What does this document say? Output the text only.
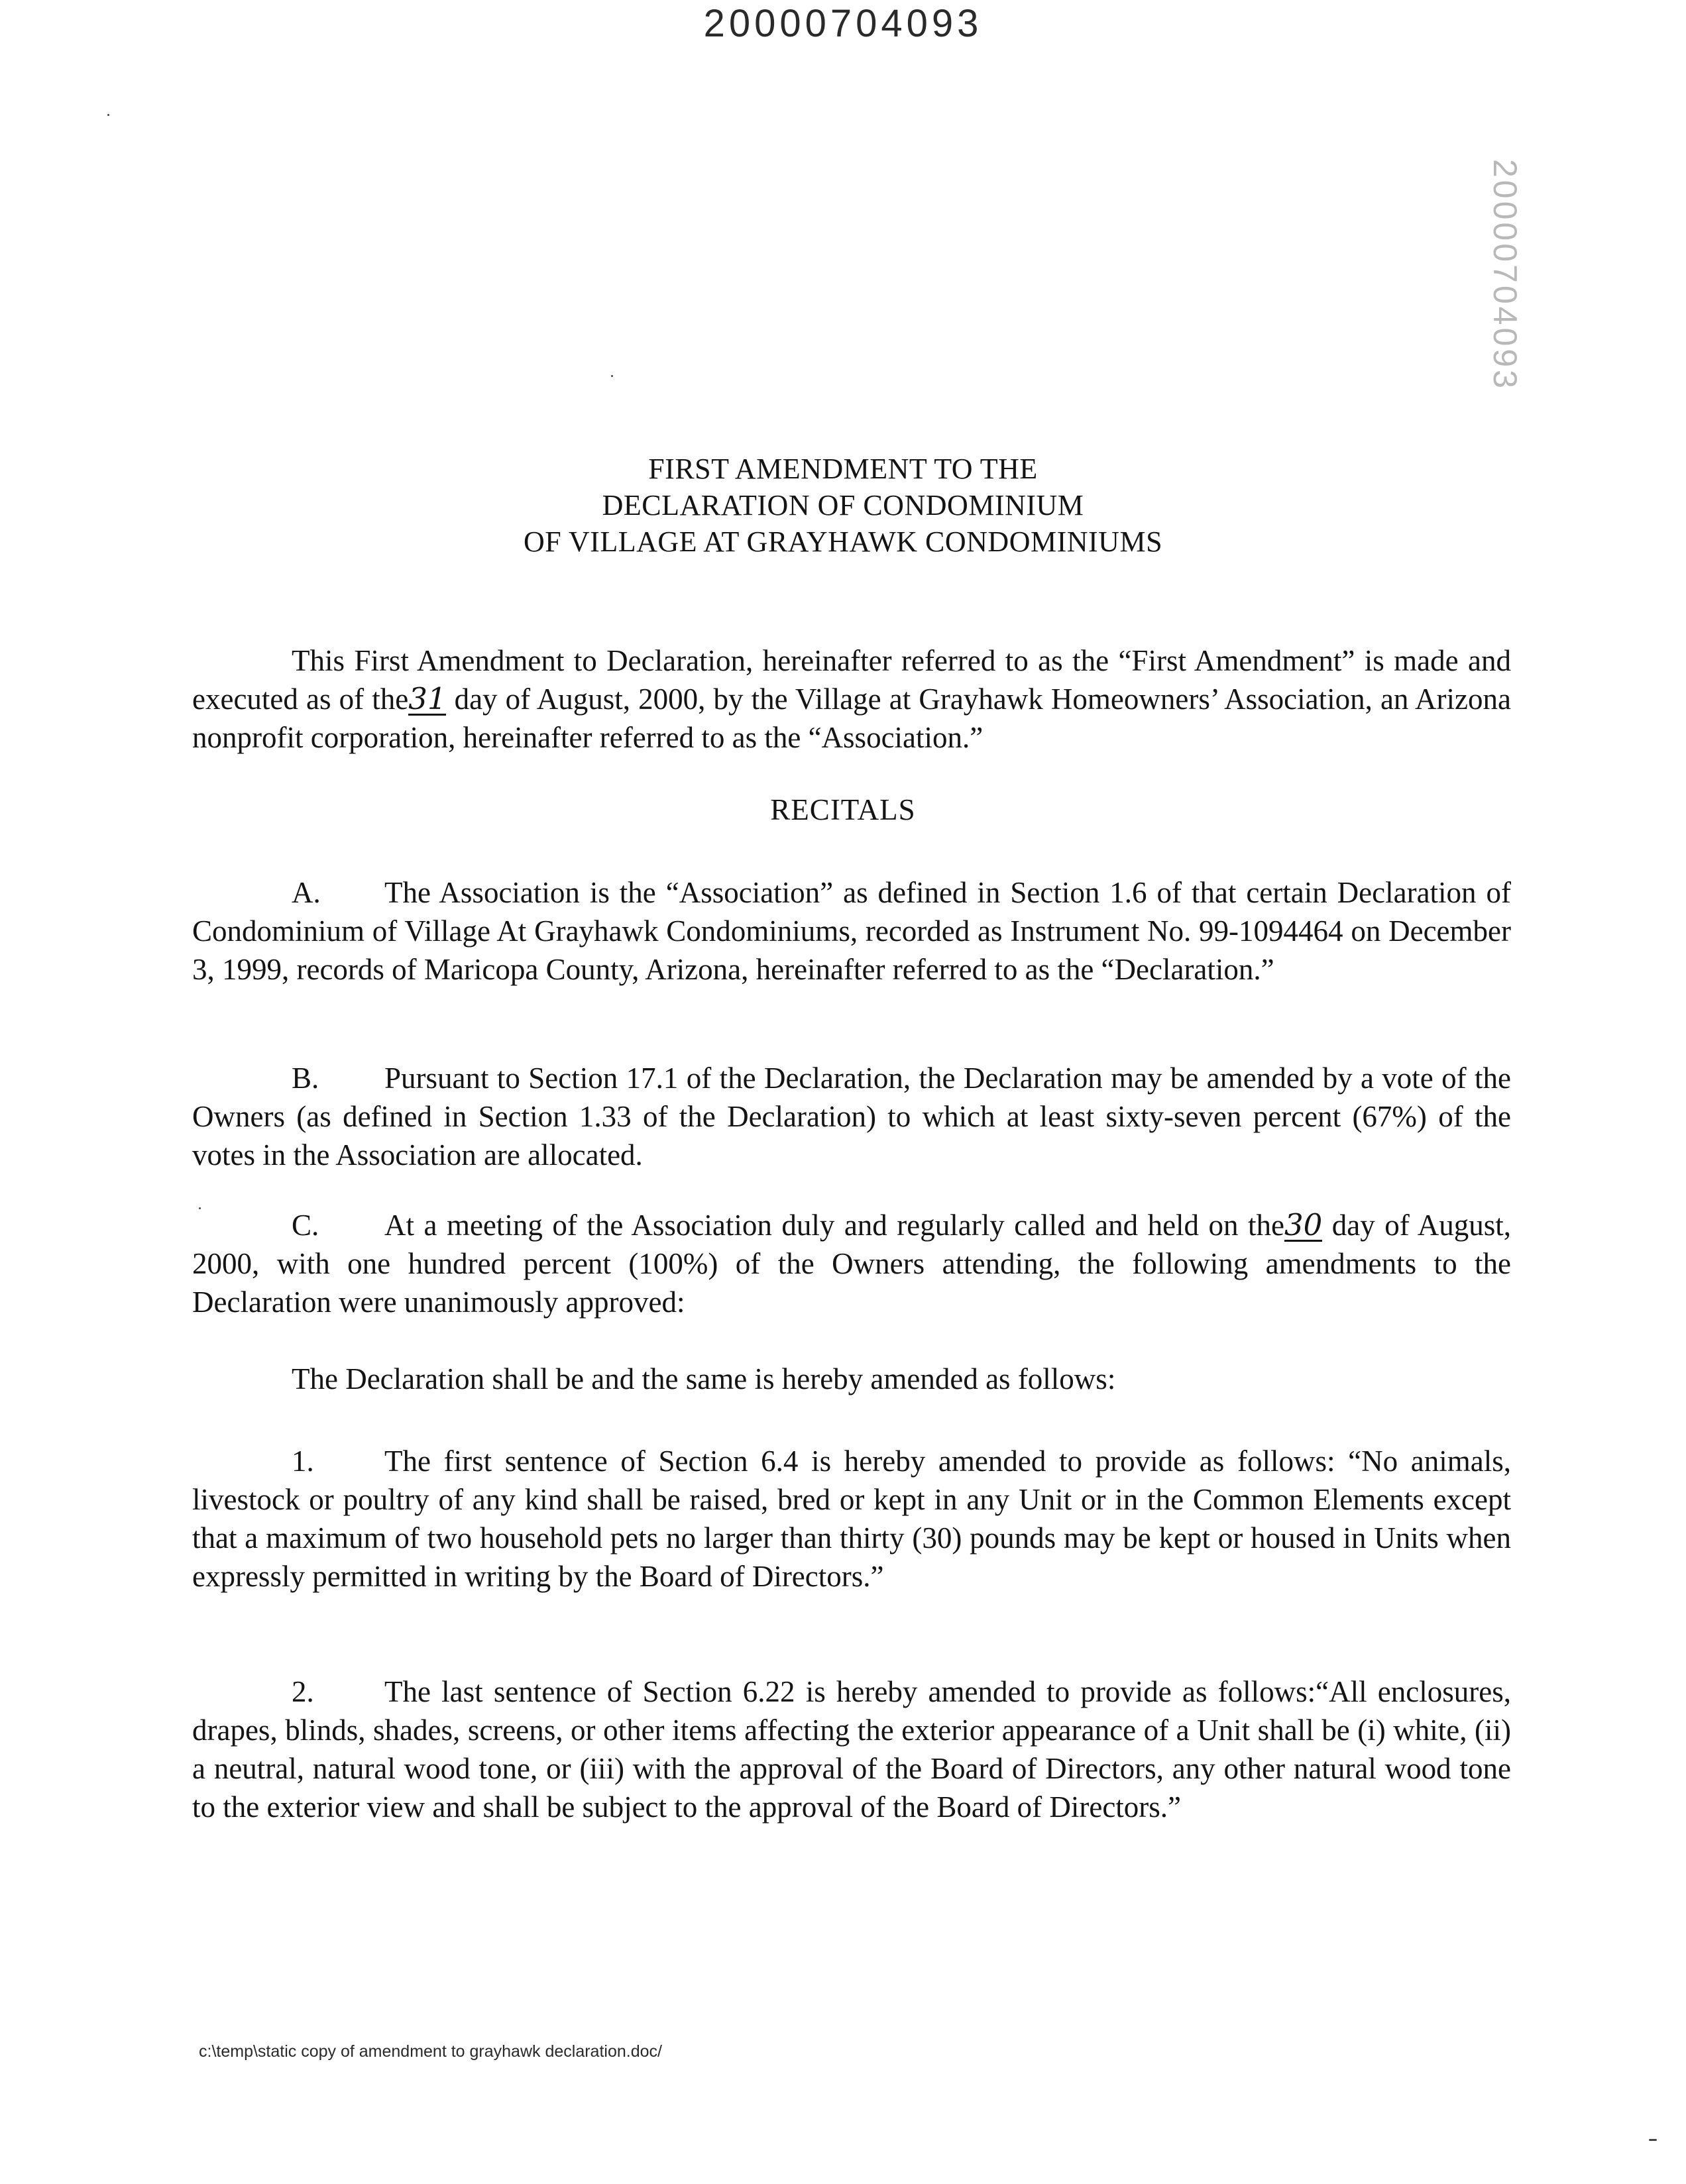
20000704093
20000704093
FIRST AMENDMENT TO THE
DECLARATION OF CONDOMINIUM
OF VILLAGE AT GRAYHAWK CONDOMINIUMS
This First Amendment to Declaration, hereinafter referred to as the “First Amendment” is made and executed as of the31 day of August, 2000, by the Village at Grayhawk Homeowners’ Association, an Arizona nonprofit corporation, hereinafter referred to as the “Association.”
RECITALS
A. The Association is the “Association” as defined in Section 1.6 of that certain Declaration of Condominium of Village At Grayhawk Condominiums, recorded as Instrument No. 99-1094464 on December 3, 1999, records of Maricopa County, Arizona, hereinafter referred to as the “Declaration.”
B. Pursuant to Section 17.1 of the Declaration, the Declaration may be amended by a vote of the Owners (as defined in Section 1.33 of the Declaration) to which at least sixty-seven percent (67%) of the votes in the Association are allocated.
C. At a meeting of the Association duly and regularly called and held on the30 day of August, 2000, with one hundred percent (100%) of the Owners attending, the following amendments to the Declaration were unanimously approved:
The Declaration shall be and the same is hereby amended as follows:
1. The first sentence of Section 6.4 is hereby amended to provide as follows: “No animals, livestock or poultry of any kind shall be raised, bred or kept in any Unit or in the Common Elements except that a maximum of two household pets no larger than thirty (30) pounds may be kept or housed in Units when expressly permitted in writing by the Board of Directors.”
2. The last sentence of Section 6.22 is hereby amended to provide as follows:“All enclosures, drapes, blinds, shades, screens, or other items affecting the exterior appearance of a Unit shall be (i) white, (ii) a neutral, natural wood tone, or (iii) with the approval of the Board of Directors, any other natural wood tone to the exterior view and shall be subject to the approval of the Board of Directors.”
c:\temp\static copy of amendment to grayhawk declaration.doc/
